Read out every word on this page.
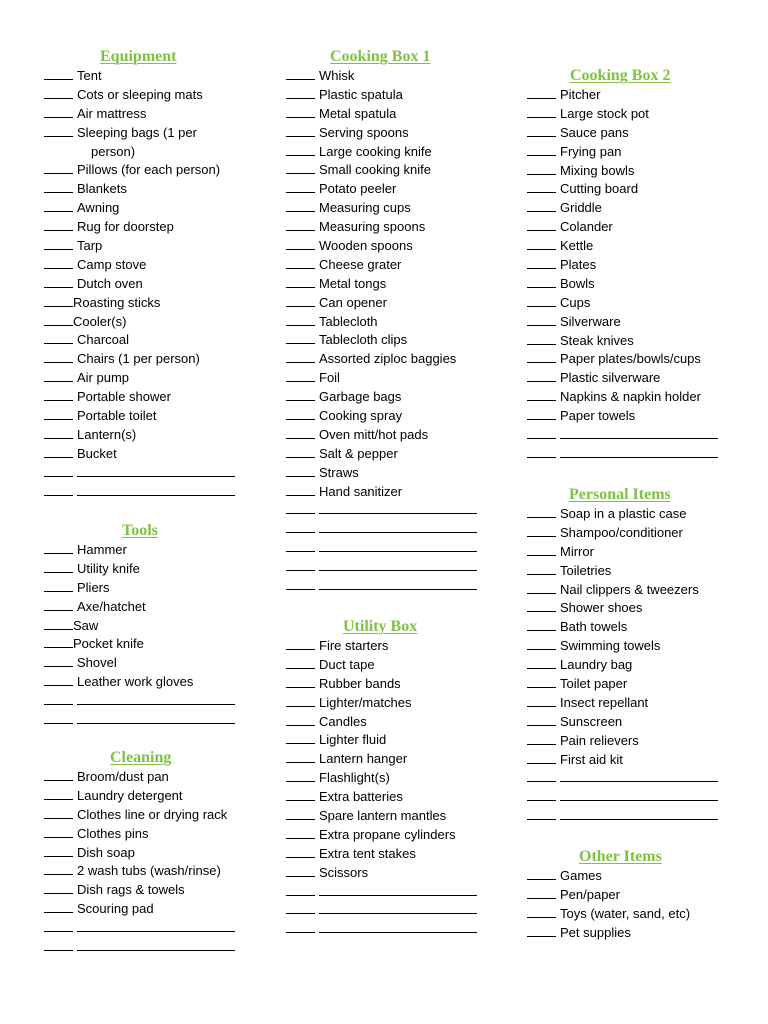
Equipment
Tent
Cots or sleeping mats
Air mattress
Sleeping bags (1 per
person)
Pillows (for each person)
Blankets
Awning
Rug for doorstep
Tarp
Camp stove
Dutch oven
Roasting sticks
Cooler(s)
Charcoal
Chairs (1 per person)
Air pump
Portable shower
Portable toilet
Lantern(s)
Bucket
Tools
Hammer
Utility knife
Pliers
Axe/hatchet
Saw
Pocket knife
Shovel
Leather work gloves
Cleaning
Broom/dust pan
Laundry detergent
Clothes line or drying rack
Clothes pins
Dish soap
2 wash tubs (wash/rinse)
Dish rags & towels
Scouring pad
Cooking Box 1
Whisk
Plastic spatula
Metal spatula
Serving spoons
Large cooking knife
Small cooking knife
Potato peeler
Measuring cups
Measuring spoons
Wooden spoons
Cheese grater
Metal tongs
Can opener
Tablecloth
Tablecloth clips
Assorted ziploc baggies
Foil
Garbage bags
Cooking spray
Oven mitt/hot pads
Salt & pepper
Straws
Hand sanitizer
Utility Box
Fire starters
Duct tape
Rubber bands
Lighter/matches
Candles
Lighter fluid
Lantern hanger
Flashlight(s)
Extra batteries
Spare lantern mantles
Extra propane cylinders
Extra tent stakes
Scissors
Cooking Box 2
Pitcher
Large stock pot
Sauce pans
Frying pan
Mixing bowls
Cutting board
Griddle
Colander
Kettle
Plates
Bowls
Cups
Silverware
Steak knives
Paper plates/bowls/cups
Plastic silverware
Napkins & napkin holder
Paper towels
Personal Items
Soap in a plastic case
Shampoo/conditioner
Mirror
Toiletries
Nail clippers & tweezers
Shower shoes
Bath towels
Swimming towels
Laundry bag
Toilet paper
Insect repellant
Sunscreen
Pain relievers
First aid kit
Other Items
Games
Pen/paper
Toys (water, sand, etc)
Pet supplies
